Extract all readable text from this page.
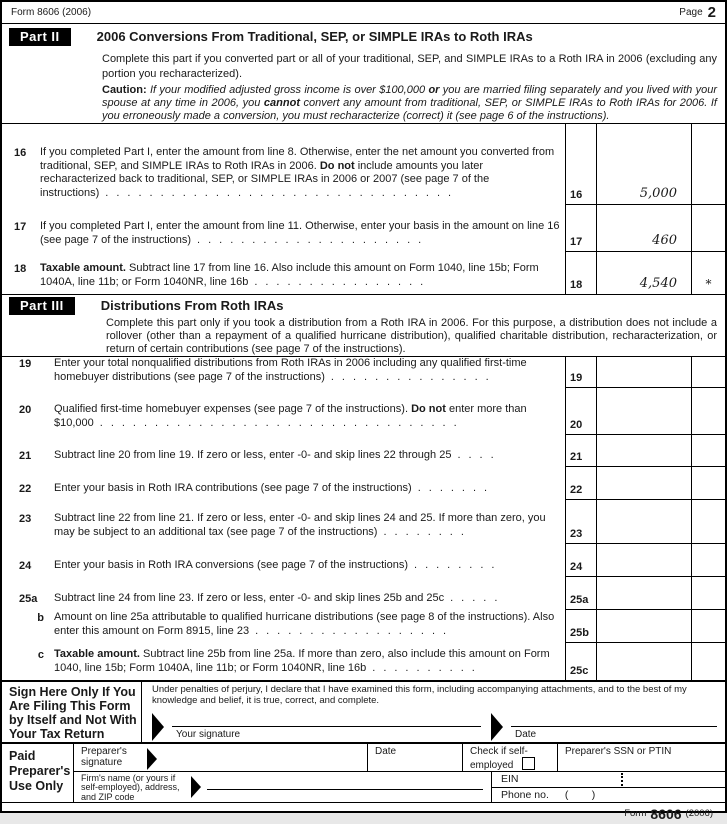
Form 8606 (2006)	Page 2
Part II	2006 Conversions From Traditional, SEP, or SIMPLE IRAs to Roth IRAs
Complete this part if you converted part or all of your traditional, SEP, and SIMPLE IRAs to a Roth IRA in 2006 (excluding any portion you recharacterized).
Caution: If your modified adjusted gross income is over $100,000 or you are married filing separately and you lived with your spouse at any time in 2006, you cannot convert any amount from traditional, SEP, or SIMPLE IRAs to Roth IRAs for 2006. If you erroneously made a conversion, you must recharacterize (correct) it (see page 6 of the instructions).
16	If you completed Part I, enter the amount from line 8. Otherwise, enter the net amount you converted from traditional, SEP, and SIMPLE IRAs to Roth IRAs in 2006. Do not include amounts you later recharacterized back to traditional, SEP, or SIMPLE IRAs in 2006 or 2007 (see page 7 of the instructions) ................................	16	5,000
17	If you completed Part I, enter the amount from line 11. Otherwise, enter your basis in the amount on line 16 (see page 7 of the instructions) .....................	17	460
18	Taxable amount. Subtract line 17 from line 16. Also include this amount on Form 1040, line 15b; Form 1040A, line 11b; or Form 1040NR, line 16b ................	18	4,540	*
Part III	Distributions From Roth IRAs
Complete this part only if you took a distribution from a Roth IRA in 2006. For this purpose, a distribution does not include a rollover (other than a repayment of a qualified hurricane distribution), qualified charitable distribution, recharacterization, or return of certain contributions (see page 7 of the instructions).
19	Enter your total nonqualified distributions from Roth IRAs in 2006 including any qualified first-time homebuyer distributions (see page 7 of the instructions) ...............	19
20	Qualified first-time homebuyer expenses (see page 7 of the instructions). Do not enter more than $10,000 .................................	20
21	Subtract line 20 from line 19. If zero or less, enter -0- and skip lines 22 through 25 ....	21
22	Enter your basis in Roth IRA contributions (see page 7 of the instructions) .......	22
23	Subtract line 22 from line 21. If zero or less, enter -0- and skip lines 24 and 25. If more than zero, you may be subject to an additional tax (see page 7 of the instructions) ........	23
24	Enter your basis in Roth IRA conversions (see page 7 of the instructions) ........	24
25a	Subtract line 24 from line 23. If zero or less, enter -0- and skip lines 25b and 25c .....	25a
b Amount on line 25a attributable to qualified hurricane distributions (see page 8 of the instructions). Also enter this amount on Form 8915, line 23 ..................	25b
c Taxable amount. Subtract line 25b from line 25a. If more than zero, also include this amount on Form 1040, line 15b; Form 1040A, line 11b; or Form 1040NR, line 16b ..........	25c
Sign Here Only If You Are Filing This Form by Itself and Not With Your Tax Return
Under penalties of perjury, I declare that I have examined this form, including accompanying attachments, and to the best of my knowledge and belief, it is true, correct, and complete.
Your signature	Date
Paid Preparer's Use Only
Preparer's signature
Date	Check if self-
employed
Preparer's SSN or PTIN
Firm's name (or yours if self-employed), address, and ZIP code
EIN
Phone no. (        )
Form 8606 (2006)
